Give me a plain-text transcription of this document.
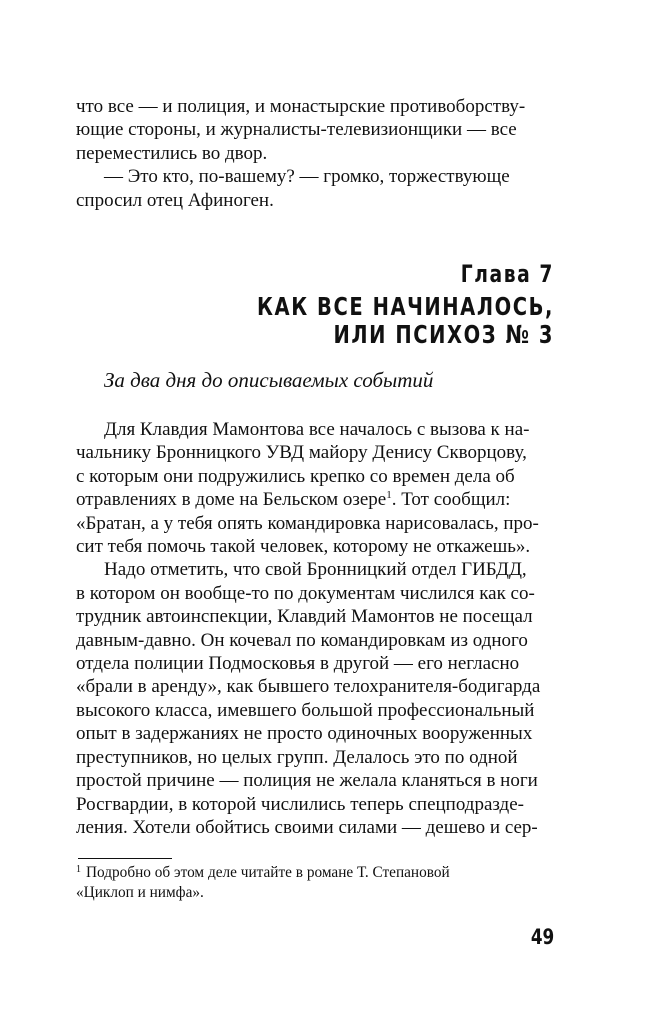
что все — и полиция, и монастырские противоборству-
ющие стороны, и журналисты-телевизионщики — все
переместились во двор.

— Это кто, по-вашему? — громко, торжествующе
спросил отец Афиноген.

Глава 7
КАК ВСЕ НАЧИНАЛОСЬ,
ИЛИ ПСИХОЗ № 3
За два дня до описываемых событий

Для Клавдия Мамонтова все началось с вызова к на-
чальнику Бронницкого УВД майору Денису Скворцову,
с которым они подружились крепко со времен дела об
отравлениях в доме на Бельском озере$^1$. Тот сообщил:
«Братан, а у тебя опять командировка нарисовалась, про-
сит тебя помочь такой человек, которому не откажешь».

Надо отметить, что свой Бронницкий отдел ГИБДД,
в котором он вообще-то по документам числился как со-
трудник автоинспекции, Клавдий Мамонтов не посещал
давным-давно. Он кочевал по командировкам из одного
отдела полиции Подмосковья в другой — его негласно
«брали в аренду», как бывшего телохранителя-бодигарда
высокого класса, имевшего большой профессиональный
опыт в задержаниях не просто одиночных вооруженных
преступников, но целых групп. Делалось это по одной
простой причине — полиция не желала кланяться в ноги
Росгвардии, в которой числились теперь спецподразде-
ления. Хотели обойтись своими силами — дешево и сер-

$^1$ Подробно об этом деле читайте в романе Т. Степановой
«Циклоп и нимфа».
49
